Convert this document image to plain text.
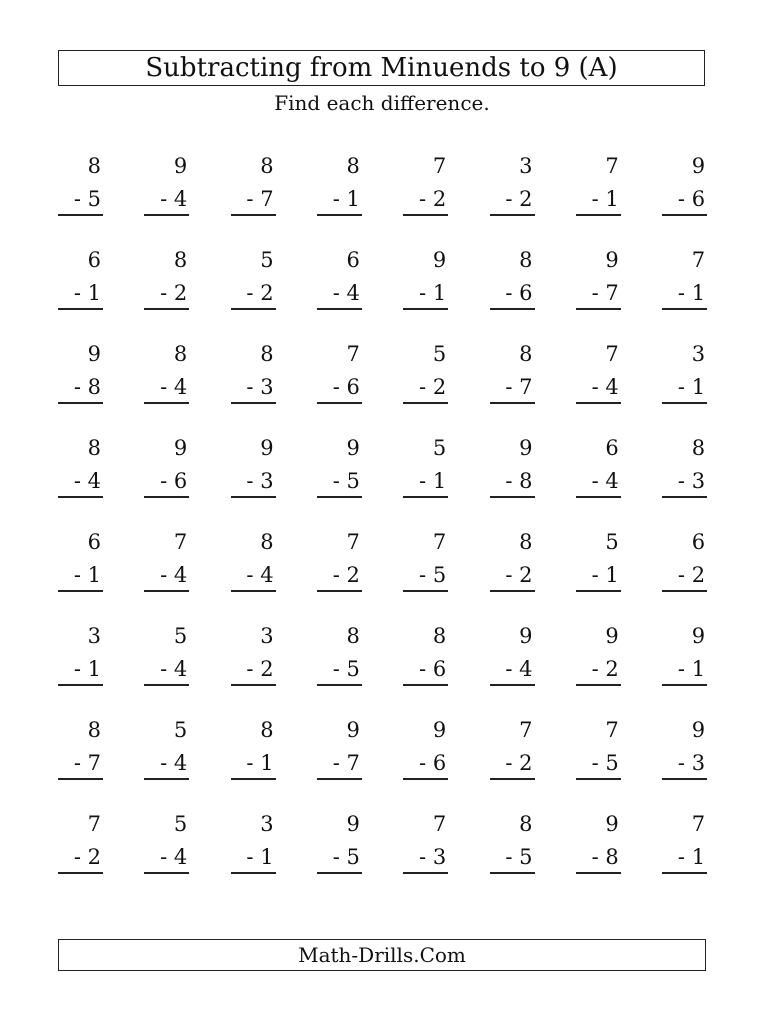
Subtracting from Minuends to 9 (A)
Find each difference.
8
- 5
9
- 4
8
- 7
8
- 1
7
- 2
3
- 2
7
- 1
9
- 6
6
- 1
8
- 2
5
- 2
6
- 4
9
- 1
8
- 6
9
- 7
7
- 1
9
- 8
8
- 4
8
- 3
7
- 6
5
- 2
8
- 7
7
- 4
3
- 1
8
- 4
9
- 6
9
- 3
9
- 5
5
- 1
9
- 8
6
- 4
8
- 3
6
- 1
7
- 4
8
- 4
7
- 2
7
- 5
8
- 2
5
- 1
6
- 2
3
- 1
5
- 4
3
- 2
8
- 5
8
- 6
9
- 4
9
- 2
9
- 1
8
- 7
5
- 4
8
- 1
9
- 7
9
- 6
7
- 2
7
- 5
9
- 3
7
- 2
5
- 4
3
- 1
9
- 5
7
- 3
8
- 5
9
- 8
7
- 1
Math-Drills.Com
